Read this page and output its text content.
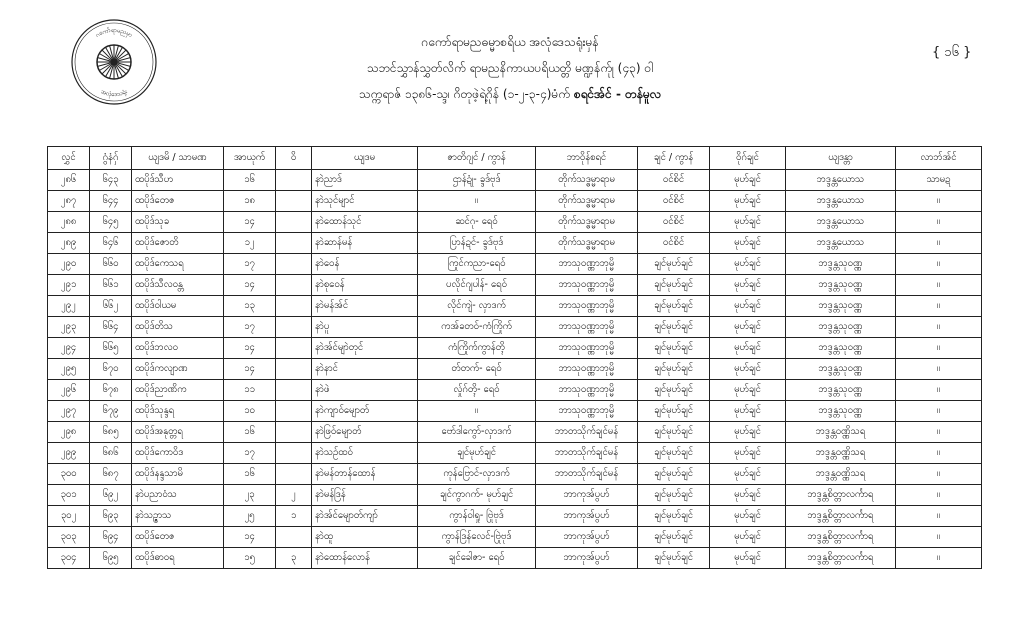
ဂကော်ရာမညမှာ
အလုံဒေသရုံး
ဂကော်ရာမညဓမ္မာစရိယ အလုံဒေသရုံးမှန်
သဘင်သွှာန်သွှတ်လိက် ရာမညနိကာယပရိယတ္တိ မဏ္ဍန်က်ုု (၄၃) ဝါ
သက္ကရာဇ် ၁၃၈၆-သ္ဒ၊ ဂိတုဖဲ့ရဲ့ဂိုန် (၁-၂-၃-၄)မံက် စရင်အ်င် - တန်မူလ
{ ၁၆ }
လွှင်	ဂွံနံဂှ်	ယျဒမိ / သာမဏ	အာယုက်	ဝိ	ယျဒမ	ဇာတိဂျင် / ကွာန်	ဘာဝိုန်စရင်	ချင် / ကွာန်	ဝိုဂ်ချင်	ယျဒန္တာ	လာဘ်အ်င်
၂၈၆	၆၄၃	ထပိုဒ်သီဟ	၁၆		နာဲညာဒ်	ဌာန်ဍုံ- ခ္ဒဒ်ဗုဒ်	တိုက်သဒ္ဓမ္မာရာမ	ဝင်စိင်	မုဟ်ချင်	ဘဒ္ဒန္တယောသ	သာမဍ
၂၈၇	၆၄၄	ထပိုဒ်တေဇ	၁၈		နာဲသုင်မျာင်	။	တိုက်သဒ္ဓမ္မာရာမ	ဝင်စိင်	မုဟ်ချင်	ဘဒ္ဒန္တယောသ	။
၂၈၈	၆၄၅	ထပိုဒ်သုခ	၁၄		နာဲထောန်သုင်	ဆင်ဂု- ရေဝ်	တိုက်သဒ္ဓမ္မာရာမ	ဝင်စိင်	မုဟ်ချင်	ဘဒ္ဒန္တယောသ	။
၂၈၉	၆၄၆	ထပိုဒ်ဇောတိ	၁၂		နာဲဆာန်မန်	ပြာန်ဍင်- ခ္ဒဒ်ဗုဒ်	တိုက်သဒ္ဓမ္မာရာမ	ဝင်စိင်	မုဟ်ချင်	ဘဒ္ဒန္တယောသ	။
၂၉၀	၆၆၀	ထပိုဒ်ကေသရ	၁၇		နာဲဝေန်	ကြုင်ကညာ-ရေဝ်	ဘာသုဝဏ္ဏာဘုမ္မိ	ချင်မုဟ်ချင်	မုဟ်ချင်	ဘဒ္ဒန္တသုဝဏ္ဏ	။
၂၉၁	၆၆၁	ထပိုဒ်သီလဝန္တ	၁၄		နာဲစုဝေန်	ပလိုင်ဂျပါန်- ရေဝ်	ဘာသုဝဏ္ဏာဘုမ္မိ	ချင်မုဟ်ချင်	မုဟ်ချင်	ဘဒ္ဒန္တသုဝဏ္ဏ	။
၂၉၂	၆၆၂	ထပိုဒ်ဝါယမ	၁၃		နာဲမန်အ်င်	လိုင်ကျဲ- လှာဒက်	ဘာသုဝဏ္ဏာဘုမ္မိ	ချင်မုဟ်ချင်	မုဟ်ချင်	ဘဒ္ဒန္တသုဝဏ္ဏ	။
၂၉၃	၆၆၄	ထပိုဒ်တိသ	၁၇		နာဲပူ	ကအ်ခတဝ်-ကံကြိုက်	ဘာသုဝဏ္ဏာဘုမ္မိ	ချင်မုဟ်ချင်	မုဟ်ချင်	ဘဒ္ဒန္တသုဝဏ္ဏ	။
၂၉၄	၆၆၅	ထပိုဒ်ဘလဝ	၁၄		နာဲအ်င်မျာဲတုင်	ကံကြိုက်ကွာန်တ္ၚိ	ဘာသုဝဏ္ဏာဘုမ္မိ	ချင်မုဟ်ချင်	မုဟ်ချင်	ဘဒ္ဒန္တသုဝဏ္ဏ	။
၂၉၅	၆၇၀	ထပိုဒ်ကလျာဏ	၁၄		နာဲနာင်	တ်တက်- ရေဝ်	ဘာသုဝဏ္ဏာဘုမ္မိ	ချင်မုဟ်ချင်	မုဟ်ချင်	ဘဒ္ဒန္တသုဝဏ္ဏ	။
၂၉၆	၆၇၈	ထပိုဒ်ညာဏိက	၁၁		နာဲဖဲ	လှ်ုဂ်တ္ၚိ- ရေဝ်	ဘာသုဝဏ္ဏာဘုမ္မိ	ချင်မုဟ်ချင်	မုဟ်ချင်	ဘဒ္ဒန္တသုဝဏ္ဏ	။
၂၉၇	၆၇၉	ထပိုဒ်သုန္ဒရ	၁၀		နာဲကျာဝ်မျောတ်	။	ဘာသုဝဏ္ဏာဘုမ္မိ	ချင်မုဟ်ချင်	မုဟ်ချင်	ဘဒ္ဒန္တသုဝဏ္ဏ	။
၂၉၈	၆၈၅	ထပိုဒ်အနုတ္တရ	၁၆		နာဲဖြဝ်မျောတ်	ဗော်ဒါကွော်-လှာဒက်	ဘာတသိုက်ချင်မန်	ချင်မုဟ်ချင်	မုဟ်ချင်	ဘဒ္ဒန္တဝဏ္ဏိသရ	။
၂၉၉	၆၈၆	ထပိုဒ်ကောဝိဒ	၁၇		နာဲသဉ်ထဝ်	ချင်မုဟ်ချင်	ဘာတသိုက်ချင်မန်	ချင်မုဟ်ချင်	မုဟ်ချင်	ဘဒ္ဒန္တဝဏ္ဏိသရ	။
၃၀၀	၆၈၇	ထပိုဒ်နန္ဒသာမိ	၁၆		နာဲမန်တာန်ထောန်	ကုန်ဗြောင်-လှာဒက်	ဘာတသိုက်ချင်မန်	ချင်မုဟ်ချင်	မုဟ်ချင်	ဘဒ္ဒန္တဝဏ္ဏိသရ	။
၃၀၁	၆၉၂	နာဲပညာဝံသ	၂၃	၂	နာဲမန်ဒြန်	ချင်ကွာဂက်- မုဟ်ချင်	ဘာကုအ်ပွဟ်	ချင်မုဟ်ချင်	မုဟ်ချင်	ဘဒ္ဒန္တစိတ္တာလင်္ကာရ	။
၃၀၂	၆၉၃	နာဲသဉ္ဇာသ	၂၅	၁	နာဲအ်င်မျောတ်ကျာ်	ကွာန်ဝါရှု- ဗြုဲဗုဒ်	ဘာကုအ်ပွဟ်	ချင်မုဟ်ချင်	မုဟ်ချင်	ဘဒ္ဒန္တစိတ္တာလင်္ကာရ	။
၃၀၃	၆၉၄	ထပိုဒ်တေဇ	၁၄		နာဲထူ	ကွာန်ဒြန်လေင်-ဗြုဲဗုဒ်	ဘာကုအ်ပွဟ်	ချင်မုဟ်ချင်	မုဟ်ချင်	ဘဒ္ဒန္တစိတ္တာလင်္ကာရ	။
၃၀၄	၆၉၅	ထပိုဒ်ဓာဝရ	၁၅	၃	နာဲထောန်လောန်	ချင်ခေါဇာ- ရေဝ်	ဘာကုအ်ပွဟ်	ချင်မုဟ်ချင်	မုဟ်ချင်	ဘဒ္ဒန္တစိတ္တာလင်္ကာရ	။
